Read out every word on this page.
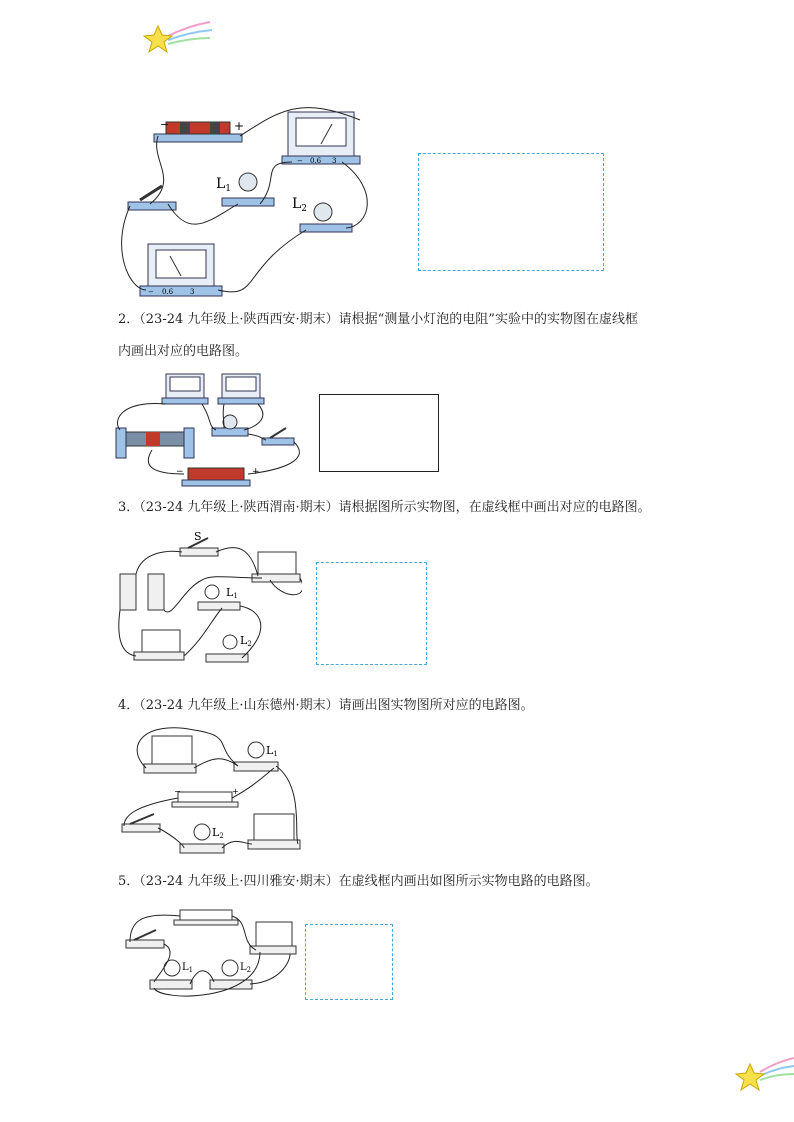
−	+
− 0.6 3
$L_1$
$L_2$
− 0.6 3
2．（23-24 九年级上·陕西西安·期末）请根据“测量小灯泡的电阻”实验中的实物图在虚线框
内画出对应的电路图。
−	+
3．（23-24 九年级上·陕西渭南·期末）请根据图所示实物图，在虚线框中画出对应的电路图。
S
L1
L2
4．（23-24 九年级上·山东德州·期末）请画出图实物图所对应的电路图。
L1
−	+
L2
5．（23-24 九年级上·四川雅安·期末）在虚线框内画出如图所示实物电路的电路图。
$L_1$	$L_2$
